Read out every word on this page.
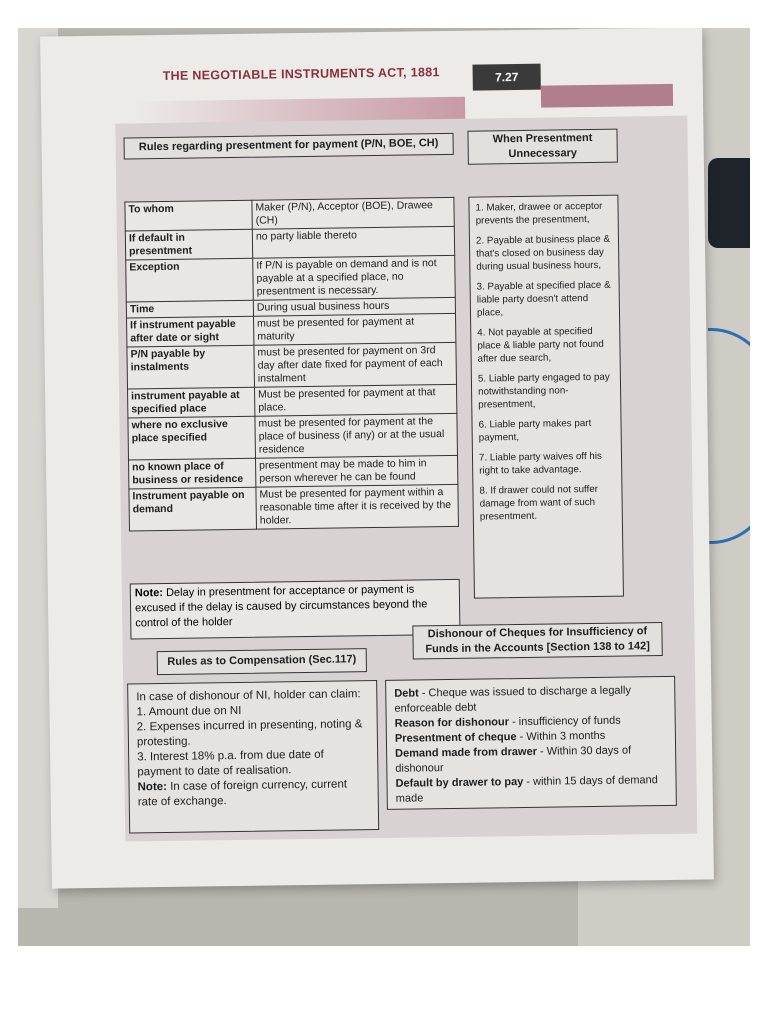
THE NEGOTIABLE INSTRUMENTS ACT, 1881	7.27
Rules regarding presentment for payment (P/N, BOE, CH)
To whom	Maker (P/N), Acceptor (BOE), Drawee (CH)
If default in presentment	no party liable thereto
Exception	If P/N is payable on demand and is not payable at a specified place, no presentment is necessary.
Time	During usual business hours
If instrument payable after date or sight	must be presented for payment at maturity
P/N payable by instalments	must be presented for payment on 3rd day after date fixed for payment of each instalment
instrument payable at specified place	Must be presented for payment at that place.
where no exclusive place specified	must be presented for payment at the place of business (if any) or at the usual residence
no known place of business or residence	presentment may be made to him in person wherever he can be found
Instrument payable on demand	Must be presented for payment within a reasonable time after it is received by the holder.
Note: Delay in presentment for acceptance or payment is excused if the delay is caused by circumstances beyond the control of the holder
When Presentment Unnecessary

1. Maker, drawee or acceptor prevents the presentment,

2. Payable at business place & that's closed on business day during usual business hours,

3. Payable at specified place & liable party doesn't attend place,

4. Not payable at specified place & liable party not found after due search,

5. Liable party engaged to pay notwithstanding non-presentment,

6. Liable party makes part payment,

7. Liable party waives off his right to take advantage.

8. If drawer could not suffer damage from want of such presentment.

Rules as to Compensation (Sec.117)
Dishonour of Cheques for Insufficiency of Funds in the Accounts [Section 138 to 142]

In case of dishonour of NI, holder can claim:

1. Amount due on NI

2. Expenses incurred in presenting, noting & protesting.

3. Interest 18% p.a. from due date of payment to date of realisation.

Note: In case of foreign currency, current rate of exchange.

Debt - Cheque was issued to discharge a legally enforceable debt

Reason for dishonour - insufficiency of funds

Presentment of cheque - Within 3 months

Demand made from drawer - Within 30 days of dishonour

Default by drawer to pay - within 15 days of demand made
